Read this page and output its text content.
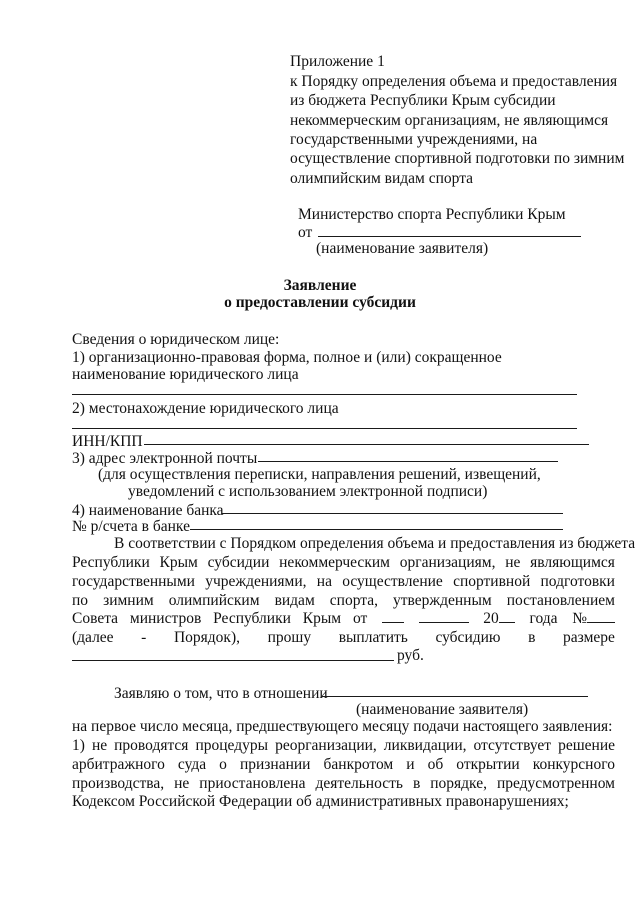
Приложение 1
к Порядку определения объема и предоставления
из бюджета Республики Крым субсидии
некоммерческим организациям, не являющимся
государственными учреждениями, на
осуществление спортивной подготовки по зимним
олимпийским видам спорта
Министерство спорта Республики Крым
от
(наименование заявителя)
Заявление
о предоставлении субсидии
Сведения о юридическом лице:
1) организационно-правовая форма, полное и (или) сокращенное
наименование юридического лица
2) местонахождение юридического лица
ИНН/КПП
3) адрес электронной почты
(для осуществления переписки, направления решений, извещений,
уведомлений с использованием электронной подписи)
4) наименование банка
№ р/счета в банке
В соответствии с Порядком определения объема и предоставления из бюджета
Республики Крым субсидии некоммерческим организациям, не являющимся
государственными учреждениями, на осуществление спортивной подготовки
по зимним олимпийским видам спорта, утвержденным постановлением
Совета министров Республики Крым от	20	года №
(далее - Порядок), прошу выплатить субсидию в размере
руб.
Заявляю о том, что в отношении
(наименование заявителя)
на первое число месяца, предшествующего месяцу подачи настоящего заявления:
1) не проводятся процедуры реорганизации, ликвидации, отсутствует решение
арбитражного суда о признании банкротом и об открытии конкурсного
производства, не приостановлена деятельность в порядке, предусмотренном
Кодексом Российской Федерации об административных правонарушениях;
